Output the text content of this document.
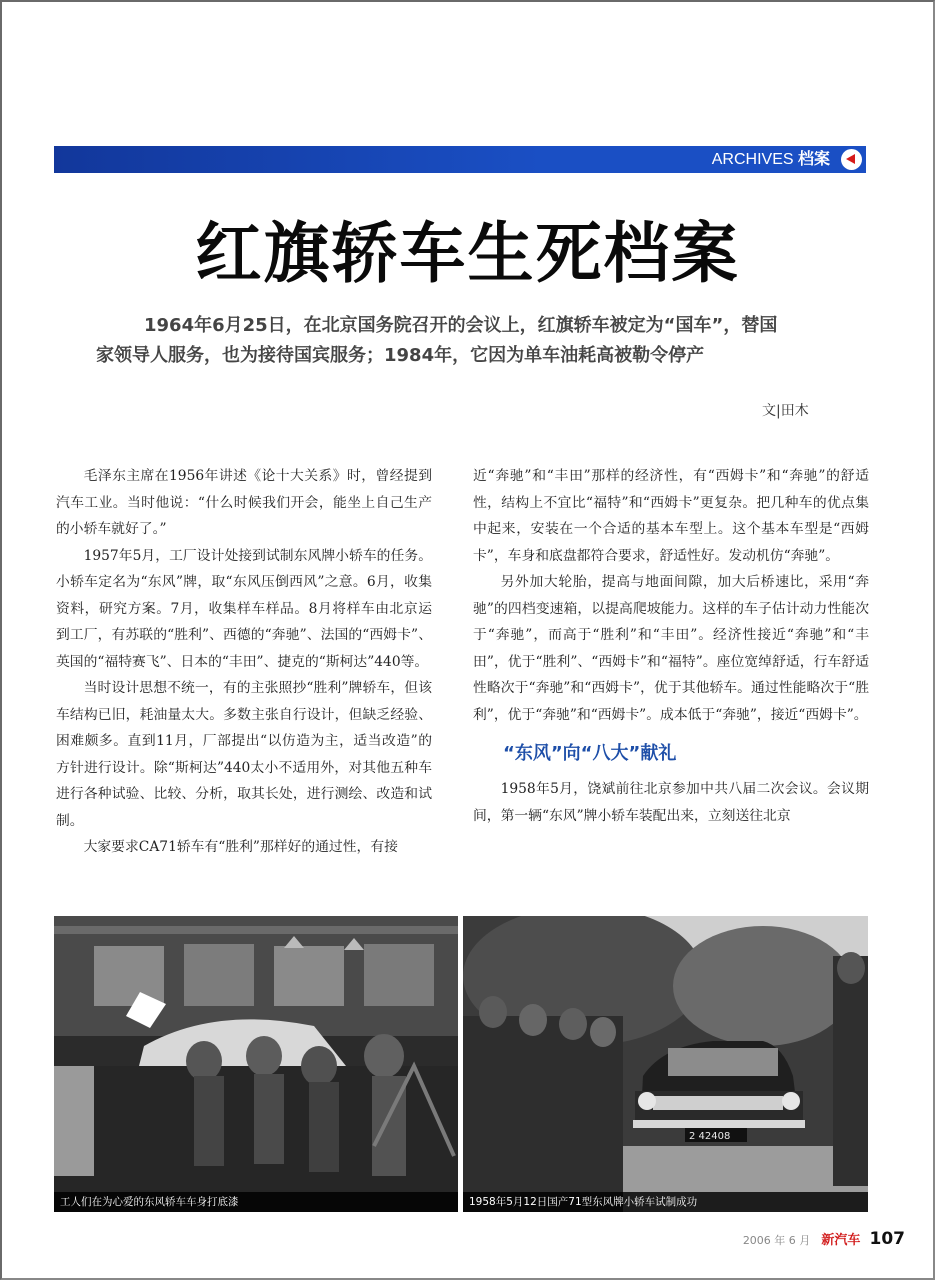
ARCHIVES 档案
红旗轿车生死档案
1964年6月25日，在北京国务院召开的会议上，红旗轿车被定为“国车”，替国
家领导人服务，也为接待国宾服务；1984年，它因为单车油耗高被勒令停产
文|田木

毛泽东主席在1956年讲述《论十大关系》时，曾经提到汽车工业。当时他说：“什么时候我们开会，能坐上自己生产的小轿车就好了。”

1957年5月，工厂设计处接到试制东风牌小轿车的任务。小轿车定名为“东风”牌，取“东风压倒西风”之意。6月，收集资料，研究方案。7月，收集样车样品。8月将样车由北京运到工厂，有苏联的“胜利”、西德的“奔驰”、法国的“西姆卡”、英国的“福特赛飞”、日本的“丰田”、捷克的“斯柯达”440等。

当时设计思想不统一，有的主张照抄“胜利”牌轿车，但该车结构已旧，耗油量太大。多数主张自行设计，但缺乏经验、困难颇多。直到11月，厂部提出“以仿造为主，适当改造”的方针进行设计。除“斯柯达”440太小不适用外，对其他五种车进行各种试验、比较、分析，取其长处，进行测绘、改造和试制。

大家要求CA71轿车有“胜利”那样好的通过性，有接

近“奔驰”和“丰田”那样的经济性，有“西姆卡”和“奔驰”的舒适性，结构上不宜比“福特”和“西姆卡”更复杂。把几种车的优点集中起来，安装在一个合适的基本车型上。这个基本车型是“西姆卡”，车身和底盘都符合要求，舒适性好。发动机仿“奔驰”。

另外加大轮胎，提高与地面间隙，加大后桥速比，采用“奔驰”的四档变速箱，以提高爬坡能力。这样的车子估计动力性能次于“奔驰”，而高于“胜利”和“丰田”。经济性接近“奔驰”和“丰田”，优于“胜利”、“西姆卡”和“福特”。座位宽绰舒适，行车舒适性略次于“奔驰”和“西姆卡”，优于其他轿车。通过性能略次于“胜利”，优于“奔驰”和“西姆卡”。成本低于“奔驰”，接近“西姆卡”。

“东风”向“八大”献礼

1958年5月，饶斌前往北京参加中共八届二次会议。会议期间，第一辆“东风”牌小轿车装配出来，立刻送往北京

工人们在为心爱的东风轿车车身打底漆
2 42408
1958年5月12日国产71型东风牌小轿车试制成功
2006 年 6 月 新汽车 107
